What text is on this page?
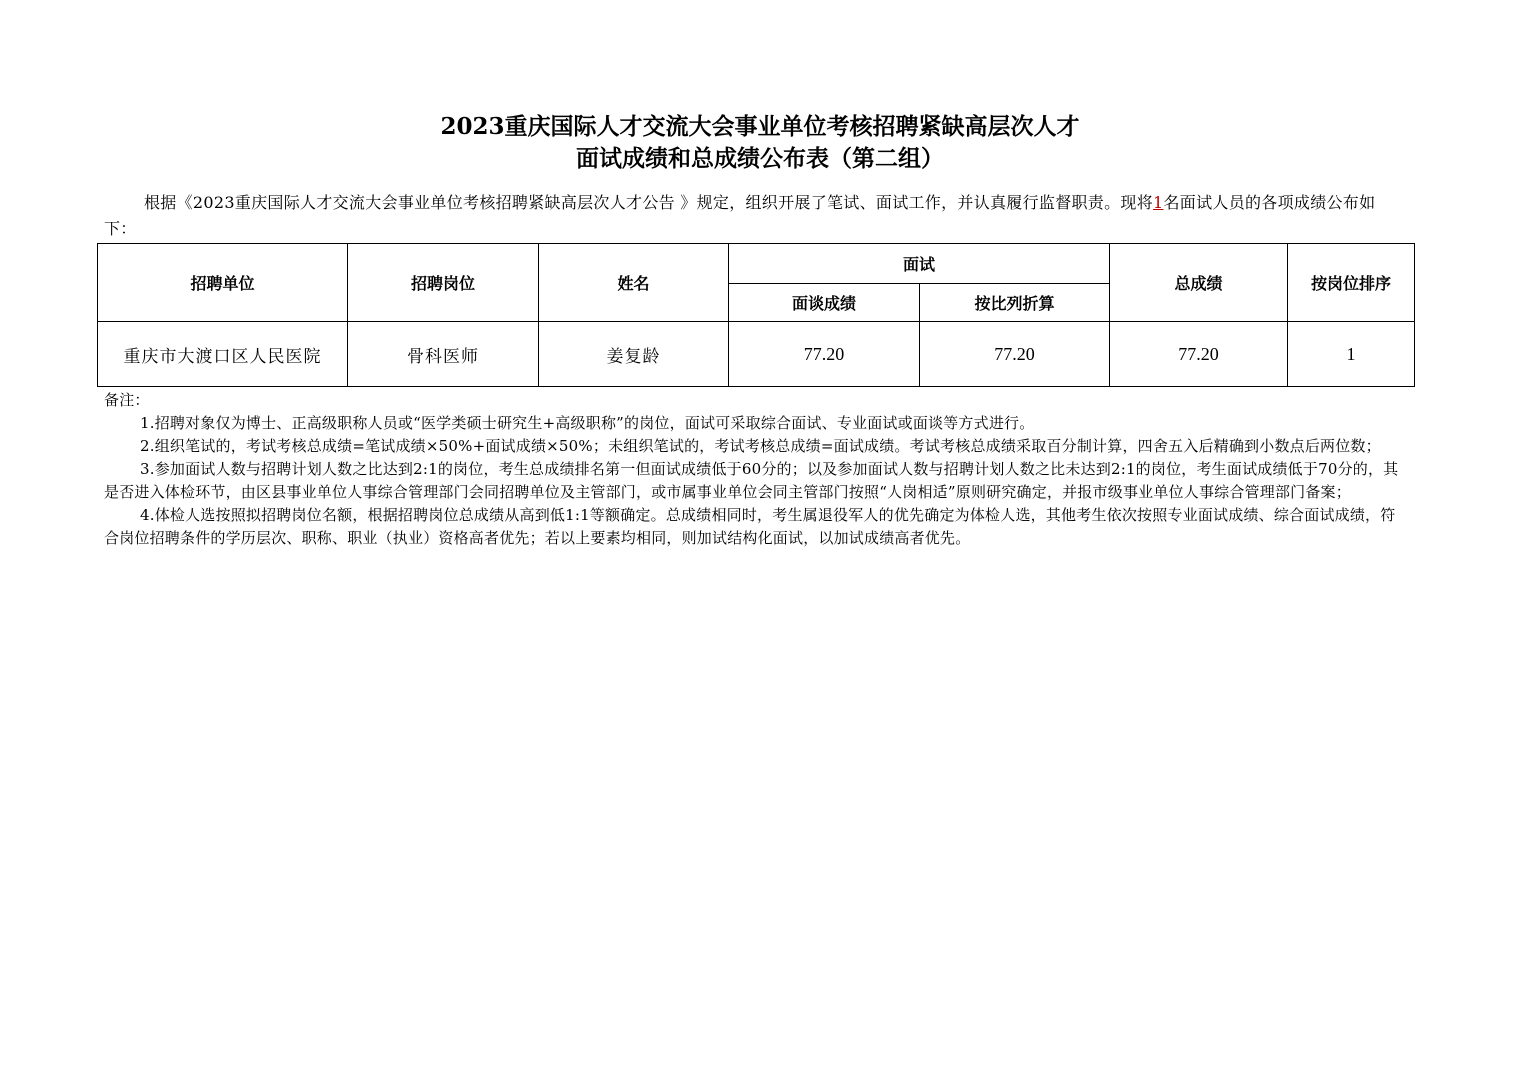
2023重庆国际人才交流大会事业单位考核招聘紧缺高层次人才
面试成绩和总成绩公布表（第二组）
根据《2023重庆国际人才交流大会事业单位考核招聘紧缺高层次人才公告 》规定，组织开展了笔试、面试工作，并认真履行监督职责。现将1名面试人员的各项成绩公布如下：
招聘单位	招聘岗位	姓名	面试		总成绩	按岗位排序
			面谈成绩	按比列折算		
重庆市大渡口区人民医院	骨科医师	姜复龄	77.20	77.20	77.20	1

备注：

1.招聘对象仅为博士、正高级职称人员或“医学类硕士研究生+高级职称”的岗位，面试可采取综合面试、专业面试或面谈等方式进行。

2.组织笔试的，考试考核总成绩=笔试成绩×50%+面试成绩×50%；未组织笔试的，考试考核总成绩=面试成绩。考试考核总成绩采取百分制计算，四舍五入后精确到小数点后两位数；

3.参加面试人数与招聘计划人数之比达到2:1的岗位，考生总成绩排名第一但面试成绩低于60分的；以及参加面试人数与招聘计划人数之比未达到2:1的岗位，考生面试成绩低于70分的，其是否进入体检环节，由区县事业单位人事综合管理部门会同招聘单位及主管部门，或市属事业单位会同主管部门按照“人岗相适”原则研究确定，并报市级事业单位人事综合管理部门备案；

4.体检人选按照拟招聘岗位名额，根据招聘岗位总成绩从高到低1:1等额确定。总成绩相同时，考生属退役军人的优先确定为体检人选，其他考生依次按照专业面试成绩、综合面试成绩，符合岗位招聘条件的学历层次、职称、职业（执业）资格高者优先；若以上要素均相同，则加试结构化面试，以加试成绩高者优先。
